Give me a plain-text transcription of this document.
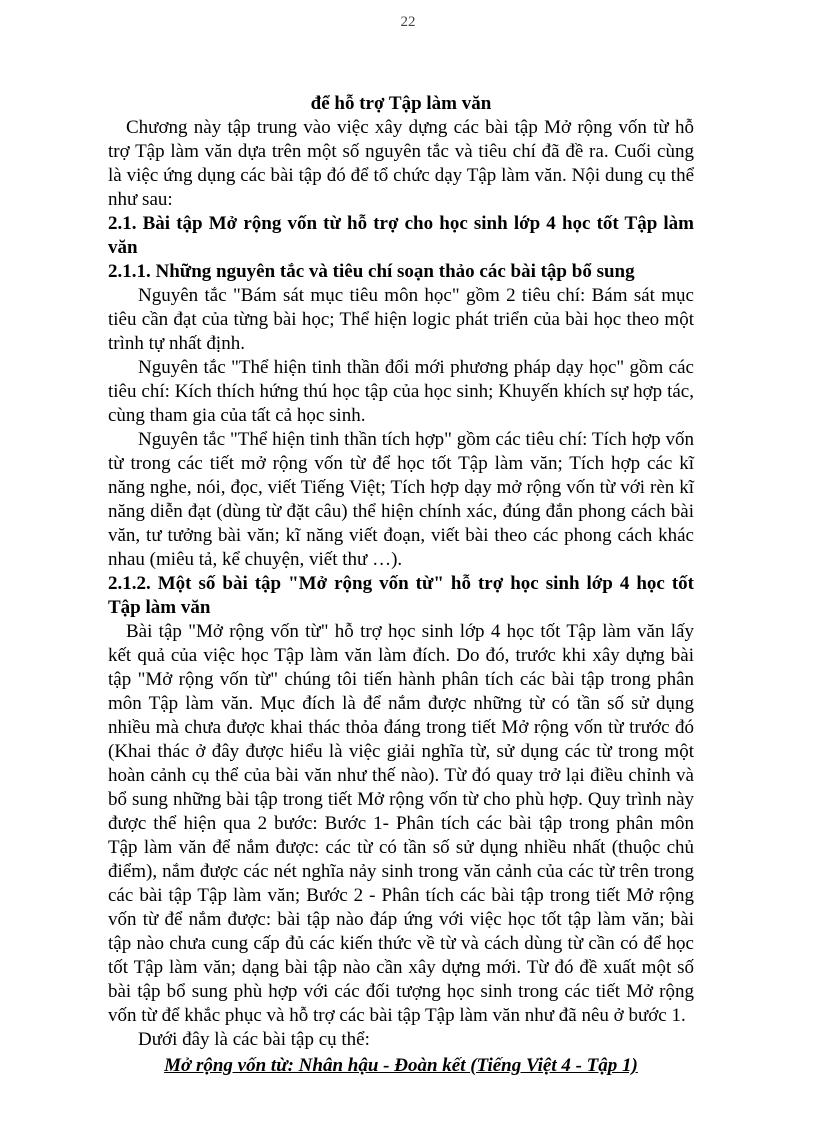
22

để hỗ trợ Tập làm văn

Chương này tập trung vào việc xây dựng các bài tập Mở rộng vốn từ hỗ trợ Tập làm văn dựa trên một số nguyên tắc và tiêu chí đã đề ra. Cuối cùng là việc ứng dụng các bài tập đó để tổ chức dạy Tập làm văn. Nội dung cụ thể như sau:

2.1. Bài tập Mở rộng vốn từ hỗ trợ cho học sinh lớp 4 học tốt Tập làm văn

2.1.1. Những nguyên tắc và tiêu chí soạn thảo các bài tập bổ sung

Nguyên tắc "Bám sát mục tiêu môn học" gồm 2 tiêu chí: Bám sát mục tiêu cần đạt của từng bài học; Thể hiện logic phát triển của bài học theo một trình tự nhất định.

Nguyên tắc "Thể hiện tinh thần đổi mới phương pháp dạy học" gồm các tiêu chí: Kích thích hứng thú học tập của học sinh; Khuyến khích sự hợp tác, cùng tham gia của tất cả học sinh.

Nguyên tắc "Thể hiện tinh thần tích hợp" gồm các tiêu chí: Tích hợp vốn từ trong các tiết mở rộng vốn từ để học tốt Tập làm văn; Tích hợp các kĩ năng nghe, nói, đọc, viết Tiếng Việt; Tích hợp dạy mở rộng vốn từ với rèn kĩ năng diễn đạt (dùng từ đặt câu) thể hiện chính xác, đúng đắn phong cách bài văn, tư tưởng bài văn; kĩ năng viết đoạn, viết bài theo các phong cách khác nhau (miêu tả, kể chuyện, viết thư …).

2.1.2. Một số bài tập "Mở rộng vốn từ" hỗ trợ học sinh lớp 4 học tốt Tập làm văn

Bài tập "Mở rộng vốn từ" hỗ trợ học sinh lớp 4 học tốt Tập làm văn lấy kết quả của việc học Tập làm văn làm đích. Do đó, trước khi xây dựng bài tập "Mở rộng vốn từ" chúng tôi tiến hành phân tích các bài tập trong phân môn Tập làm văn. Mục đích là để nắm được những từ có tần số sử dụng nhiều mà chưa được khai thác thỏa đáng trong tiết Mở rộng vốn từ trước đó (Khai thác ở đây được hiểu là việc giải nghĩa từ, sử dụng các từ trong một hoàn cảnh cụ thể của bài văn như thế nào). Từ đó quay trở lại điều chỉnh và bổ sung những bài tập trong tiết Mở rộng vốn từ cho phù hợp. Quy trình này được thể hiện qua 2 bước: Bước 1- Phân tích các bài tập trong phân môn Tập làm văn để nắm được: các từ có tần số sử dụng nhiều nhất (thuộc chủ điểm), nắm được các nét nghĩa nảy sinh trong văn cảnh của các từ trên trong các bài tập Tập làm văn; Bước 2 - Phân tích các bài tập trong tiết Mở rộng vốn từ để nắm được: bài tập nào đáp ứng với việc học tốt tập làm văn; bài tập nào chưa cung cấp đủ các kiến thức về từ và cách dùng từ cần có để học tốt Tập làm văn; dạng bài tập nào cần xây dựng mới. Từ đó đề xuất một số bài tập bổ sung phù hợp với các đối tượng học sinh trong các tiết Mở rộng vốn từ để khắc phục và hỗ trợ các bài tập Tập làm văn như đã nêu ở bước 1.

Dưới đây là các bài tập cụ thể:

Mở rộng vốn từ: Nhân hậu - Đoàn kết (Tiếng Việt 4 - Tập 1)
